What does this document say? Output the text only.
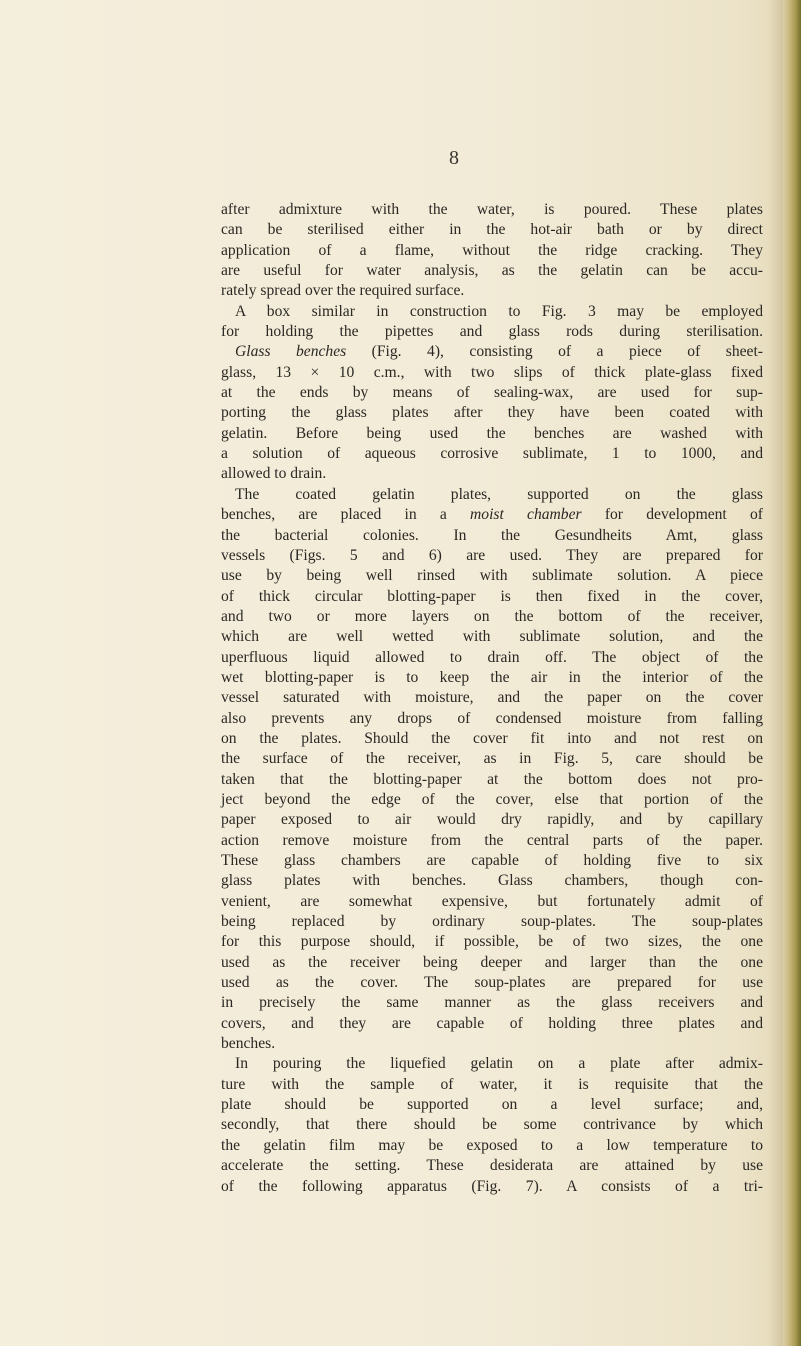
8
after admixture with the water, is poured. These plates
can be sterilised either in the hot-air bath or by direct
application of a flame, without the ridge cracking. They
are useful for water analysis, as the gelatin can be accu-
rately spread over the required surface.
A box similar in construction to Fig. 3 may be employed
for holding the pipettes and glass rods during sterilisation.
Glass benches (Fig. 4), consisting of a piece of sheet-
glass, 13 × 10 c.m., with two slips of thick plate-glass fixed
at the ends by means of sealing-wax, are used for sup-
porting the glass plates after they have been coated with
gelatin. Before being used the benches are washed with
a solution of aqueous corrosive sublimate, 1 to 1000, and
allowed to drain.
The coated gelatin plates, supported on the glass
benches, are placed in a moist chamber for development of
the bacterial colonies. In the Gesundheits Amt, glass
vessels (Figs. 5 and 6) are used. They are prepared for
use by being well rinsed with sublimate solution. A piece
of thick circular blotting-paper is then fixed in the cover,
and two or more layers on the bottom of the receiver,
which are well wetted with sublimate solution, and the
uperfluous liquid allowed to drain off. The object of the
wet blotting-paper is to keep the air in the interior of the
vessel saturated with moisture, and the paper on the cover
also prevents any drops of condensed moisture from falling
on the plates. Should the cover fit into and not rest on
the surface of the receiver, as in Fig. 5, care should be
taken that the blotting-paper at the bottom does not pro-
ject beyond the edge of the cover, else that portion of the
paper exposed to air would dry rapidly, and by capillary
action remove moisture from the central parts of the paper.
These glass chambers are capable of holding five to six
glass plates with benches. Glass chambers, though con-
venient, are somewhat expensive, but fortunately admit of
being replaced by ordinary soup-plates. The soup-plates
for this purpose should, if possible, be of two sizes, the one
used as the receiver being deeper and larger than the one
used as the cover. The soup-plates are prepared for use
in precisely the same manner as the glass receivers and
covers, and they are capable of holding three plates and
benches.
In pouring the liquefied gelatin on a plate after admix-
ture with the sample of water, it is requisite that the
plate should be supported on a level surface; and,
secondly, that there should be some contrivance by which
the gelatin film may be exposed to a low temperature to
accelerate the setting. These desiderata are attained by use
of the following apparatus (Fig. 7). A consists of a tri-
